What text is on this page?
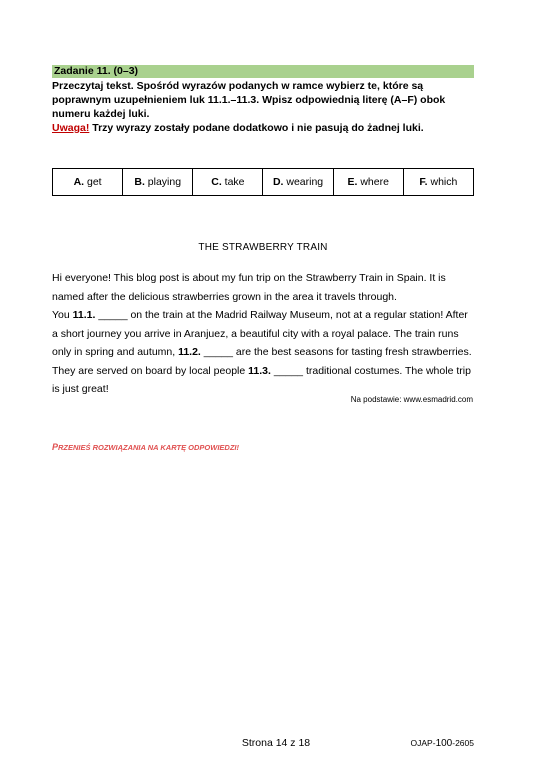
Zadanie 11. (0–3)
Przeczytaj tekst. Spośród wyrazów podanych w ramce wybierz te, które są
poprawnym uzupełnieniem luk 11.1.–11.3. Wpisz odpowiednią literę (A–F) obok
numeru każdej luki.
Uwaga! Trzy wyrazy zostały podane dodatkowo i nie pasują do żadnej luki.
A. get	B. playing	C. take	D. wearing	E. where	F. which
THE STRAWBERRY TRAIN

Hi everyone! This blog post is about my fun trip on the Strawberry Train in Spain. It is named after the delicious strawberries grown in the area it travels through.

You 11.1. _____ on the train at the Madrid Railway Museum, not at a regular station! After a short journey you arrive in Aranjuez, a beautiful city with a royal palace. The train runs only in spring and autumn, 11.2. _____ are the best seasons for tasting fresh strawberries. They are served on board by local people 11.3. _____ traditional costumes. The whole trip is just great!

Na podstawie: www.esmadrid.com
PRZENIEŚ ROZWIĄZANIA NA KARTĘ ODPOWIEDZI!
Strona 14 z 18	OJAP-100-2605
